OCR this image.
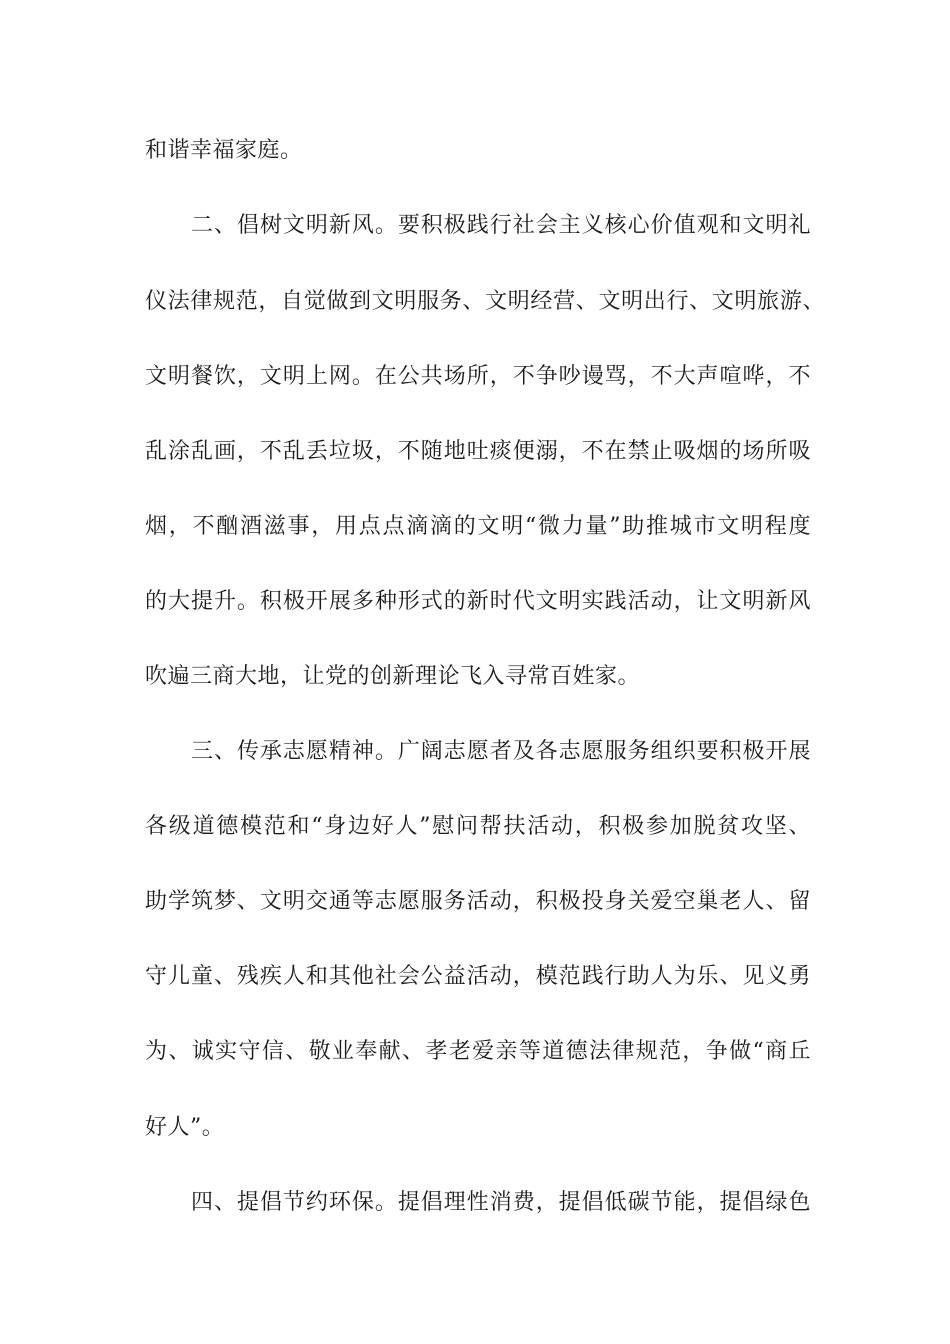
和谐幸福家庭。
二、倡树文明新风。要积极践行社会主义核心价值观和文明礼
仪法律规范，自觉做到文明服务、文明经营、文明出行、文明旅游、
文明餐饮，文明上网。在公共场所，不争吵谩骂，不大声喧哗，不
乱涂乱画，不乱丢垃圾，不随地吐痰便溺，不在禁止吸烟的场所吸
烟，不酗酒滋事，用点点滴滴的文明“微力量”助推城市文明程度
的大提升。积极开展多种形式的新时代文明实践活动，让文明新风
吹遍三商大地，让党的创新理论飞入寻常百姓家。
三、传承志愿精神。广阔志愿者及各志愿服务组织要积极开展
各级道德模范和“身边好人”慰问帮扶活动，积极参加脱贫攻坚、
助学筑梦、文明交通等志愿服务活动，积极投身关爱空巢老人、留
守儿童、残疾人和其他社会公益活动，模范践行助人为乐、见义勇
为、诚实守信、敬业奉献、孝老爱亲等道德法律规范，争做“商丘
好人”。
四、提倡节约环保。提倡理性消费，提倡低碳节能，提倡绿色
